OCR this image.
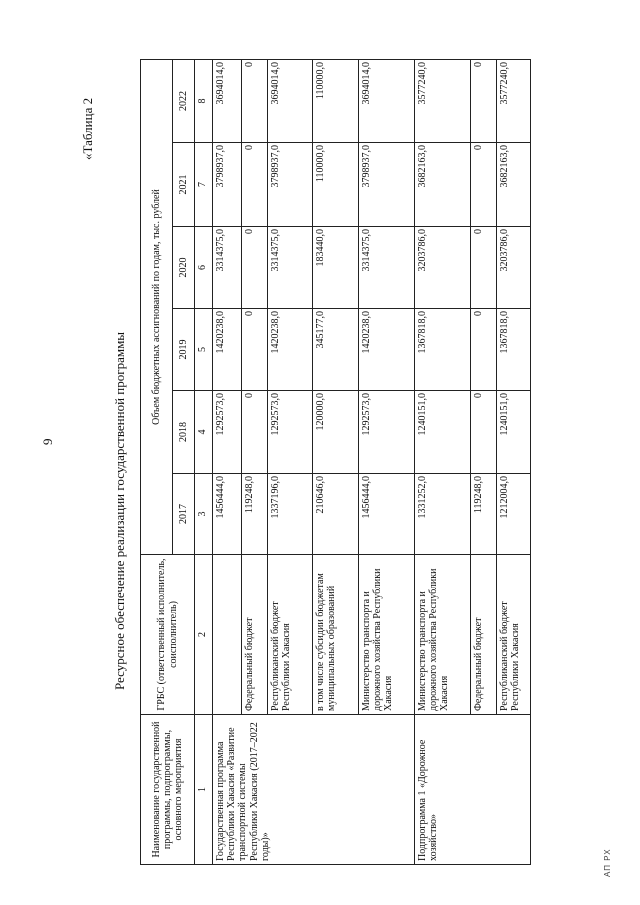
9
«Таблица 2
Ресурсное обеспечение реализации государственной программы
Наименование государственной программы, подпрограммы, основного мероприятия	ГРБС (ответственный исполнитель, соисполнитель)	Объем бюджетных ассигнований по годам, тыс. рублей					
		2017	2018	2019	2020	2021	2022
1	2	3	4	5	6	7	8
Государственная программа Республики Хакасия «Развитие транспортной системы Республики Хакасия (2017–2022 годы)»		1456444,0	1292573,0	1420238,0	3314375,0	3798937,0	3694014,0
	Федеральный бюджет	119248,0	0	0	0	0	0
	Республиканский бюджет Республики Хакасия	1337196,0	1292573,0	1420238,0	3314375,0	3798937,0	3694014,0
	в том числе субсидии бюджетам муниципальных образований	210646,0	120000,0	345177,0	183440,0	110000,0	110000,0
	Министерство транспорта и дорожного хозяйства Республики Хакасия	1456444,0	1292573,0	1420238,0	3314375,0	3798937,0	3694014,0
Подпрограмма 1 «Дорожное хозяйство»	Министерство транспорта и дорожного хозяйства Республики Хакасия	1331252,0	1240151,0	1367818,0	3203786,0	3682163,0	3577240,0
	Федеральный бюджет	119248,0	0	0	0	0	0
	Республиканский бюджет Республики Хакасия	1212004,0	1240151,0	1367818,0	3203786,0	3682163,0	3577240,0
АП РХ
